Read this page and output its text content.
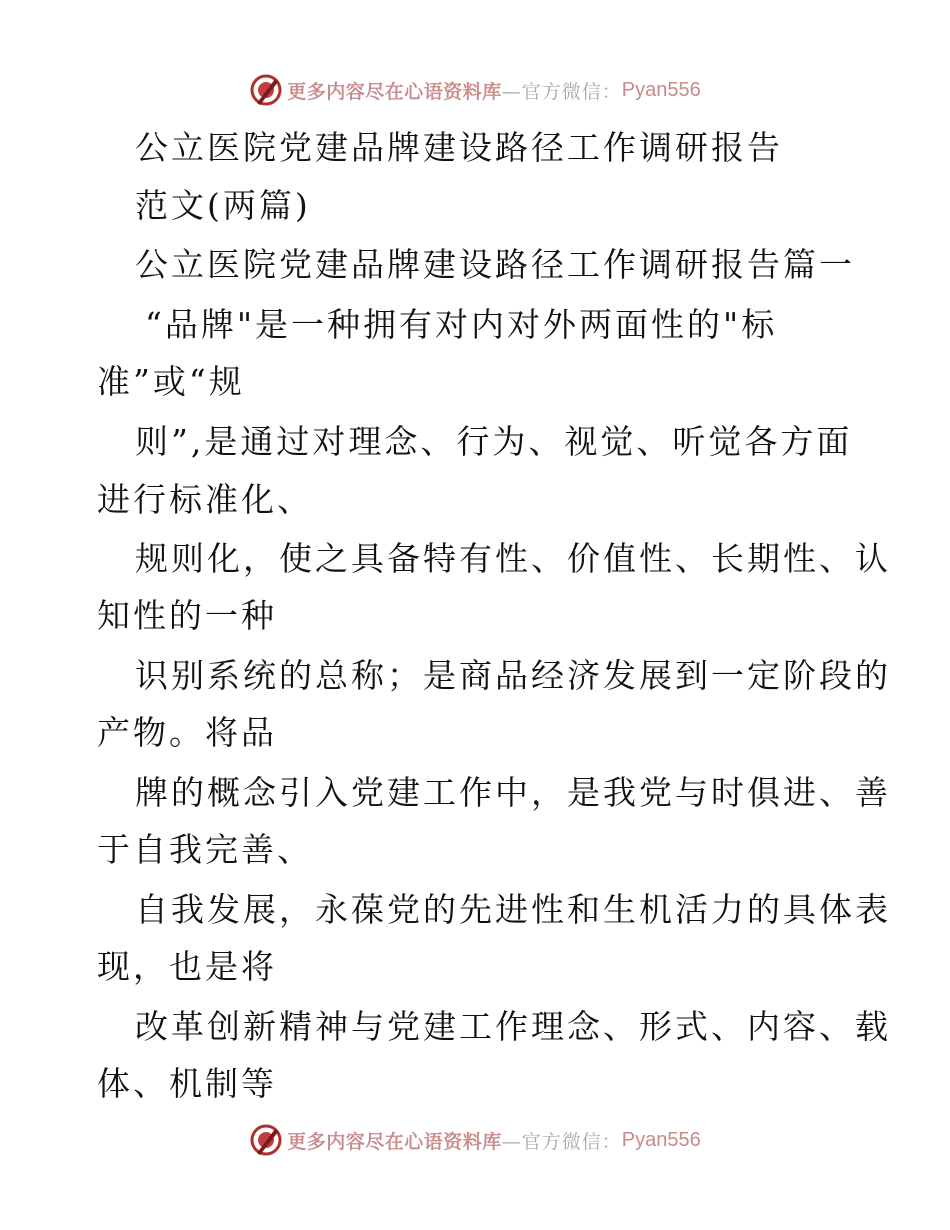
更多内容尽在心语资料库 —官方微信： Pyan556
公立医院党建品牌建设路径工作调研报告
范文(两篇)
公立医院党建品牌建设路径工作调研报告篇一
“品牌"是一种拥有对内对外两面性的"标
准”或“规
则”,是通过对理念、行为、视觉、听觉各方面
进行标准化、
规则化，使之具备特有性、价值性、长期性、认
知性的一种
识别系统的总称；是商品经济发展到一定阶段的
产物。将品
牌的概念引入党建工作中，是我党与时俱进、善
于自我完善、
自我发展，永葆党的先进性和生机活力的具体表
现，也是将
改革创新精神与党建工作理念、形式、内容、载
体、机制等
更多内容尽在心语资料库 —官方微信： Pyan556
